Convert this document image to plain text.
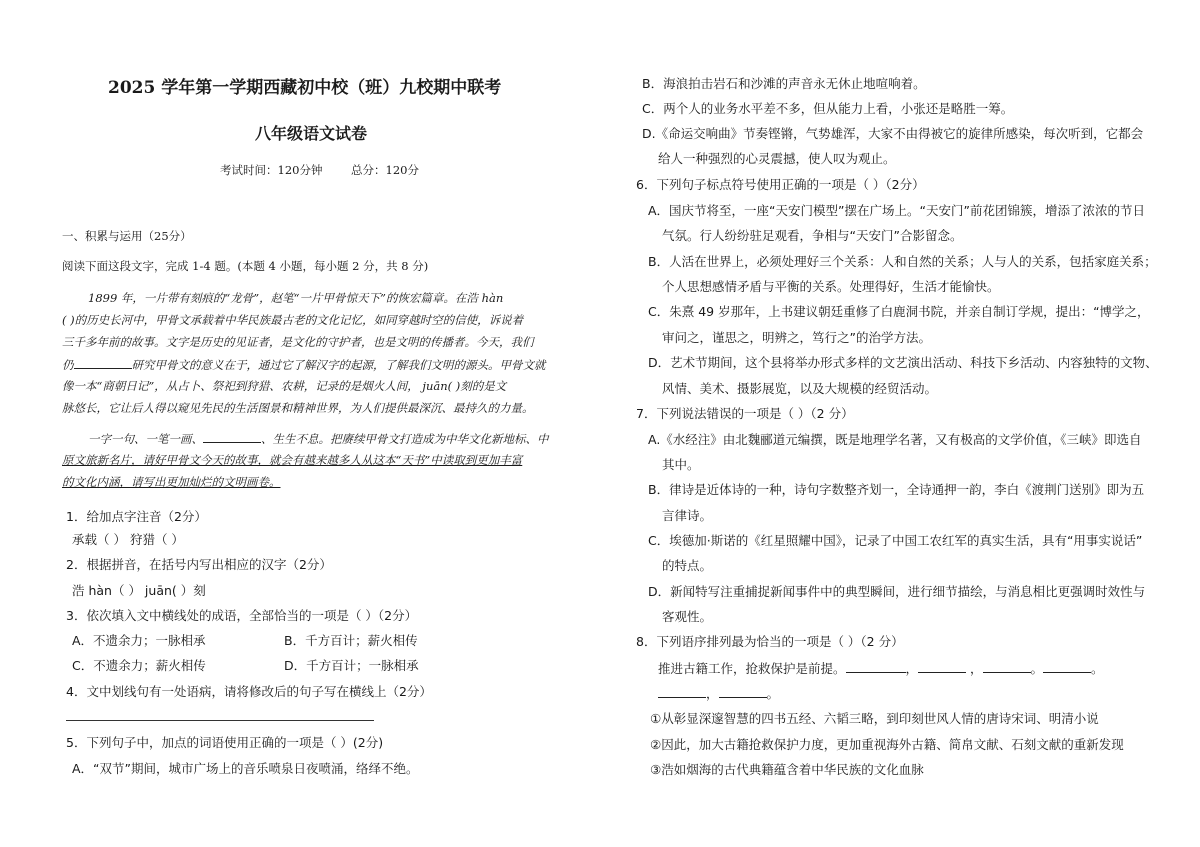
2025 学年第一学期西藏初中校（班）九校期中联考
八年级语文试卷
考试时间：120分钟 总分：120分
一、积累与运用（25分）
阅读下面这段文字，完成 1-4 题。(本题 4 小题，每小题 2 分，共 8 分)
1899 年，一片带有刻痕的“龙骨”，赵笔“一片甲骨惊天下”的恢宏篇章。在浩 hàn
( )的历史长河中，甲骨文承载着中华民族最古老的文化记忆，如同穿越时空的信使，诉说着
三千多年前的故事。文字是历史的见证者，是文化的守护者，也是文明的传播者。今天，我们
仍	研究甲骨文的意义在于，通过它了解汉字的起源，了解我们文明的源头。甲骨文就
像一本“商朝日记”，从占卜、祭祀到狩猎、农耕，记录的是烟火人间， juān( )刻的是文
脉悠长，它让后人得以窥见先民的生活图景和精神世界，为人们提供最深沉、最持久的力量。
一字一句、一笔一画、	、生生不息。把赓续甲骨文打造成为中华文化新地标、中
原文旅新名片，请好甲骨文今天的故事，就会有越来越多人从这本“天书”中读取到更加丰富
的文化内涵，请写出更加灿烂的文明画卷。
1．给加点字注音（2分）
承载（ ） 狩猎（ ）
2．根据拼音，在括号内写出相应的汉字（2分）
浩 hàn（ ） juān( ）刻
3．依次填入文中横线处的成语，全部恰当的一项是（ ）（2分）
A．不遗余力；一脉相承	B．千方百计；薪火相传
C．不遗余力；薪火相传	D．千方百计；一脉相承
4．文中划线句有一处语病，请将修改后的句子写在横线上（2分）
5．下列句子中，加点的词语使用正确的一项是（ ）(2分)
A．“双节”期间，城市广场上的音乐喷泉日夜喷涌，络绎不绝。
B．海浪拍击岩石和沙滩的声音永无休止地喧响着。
C．两个人的业务水平差不多，但从能力上看，小张还是略胜一筹。
D.《命运交响曲》节奏铿锵，气势雄浑，大家不由得被它的旋律所感染，每次听到，它都会
给人一种强烈的心灵震撼，使人叹为观止。
6．下列句子标点符号使用正确的一项是（ ）（2分）
A．国庆节将至，一座“天安门模型”摆在广场上。“天安门”前花团锦簇，增添了浓浓的节日
气氛。行人纷纷驻足观看，争相与“天安门”合影留念。
B．人活在世界上，必须处理好三个关系：人和自然的关系；人与人的关系，包括家庭关系；
个人思想感情矛盾与平衡的关系。处理得好，生活才能愉快。
C．朱熹 49 岁那年，上书建议朝廷重修了白鹿洞书院，并亲自制订学规，提出：“博学之，
审问之，谨思之，明辨之，笃行之”的治学方法。
D．艺术节期间，这个县将举办形式多样的文艺演出活动、科技下乡活动、内容独特的文物、
风情、美术、摄影展览，以及大规模的经贸活动。
7．下列说法错误的一项是（ ）（2 分）
A.《水经注》由北魏郦道元编撰，既是地理学名著，又有极高的文学价值，《三峡》即选自
其中。
B．律诗是近体诗的一种，诗句字数整齐划一，全诗通押一韵，李白《渡荆门送别》即为五
言律诗。
C．埃德加·斯诺的《红星照耀中国》，记录了中国工农红军的真实生活，具有“用事实说话”
的特点。
D．新闻特写注重捕捉新闻事件中的典型瞬间，进行细节描绘，与消息相比更强调时效性与
客观性。
8．下列语序排列最为恰当的一项是（ ）（2 分）
推进古籍工作，抢救保护是前提。	，	，	。	。
，	。
①从彰显深邃智慧的四书五经、六韬三略，到印刻世风人情的唐诗宋词、明清小说
②因此，加大古籍抢救保护力度，更加重视海外古籍、简帛文献、石刻文献的重新发现
③浩如烟海的古代典籍蕴含着中华民族的文化血脉
